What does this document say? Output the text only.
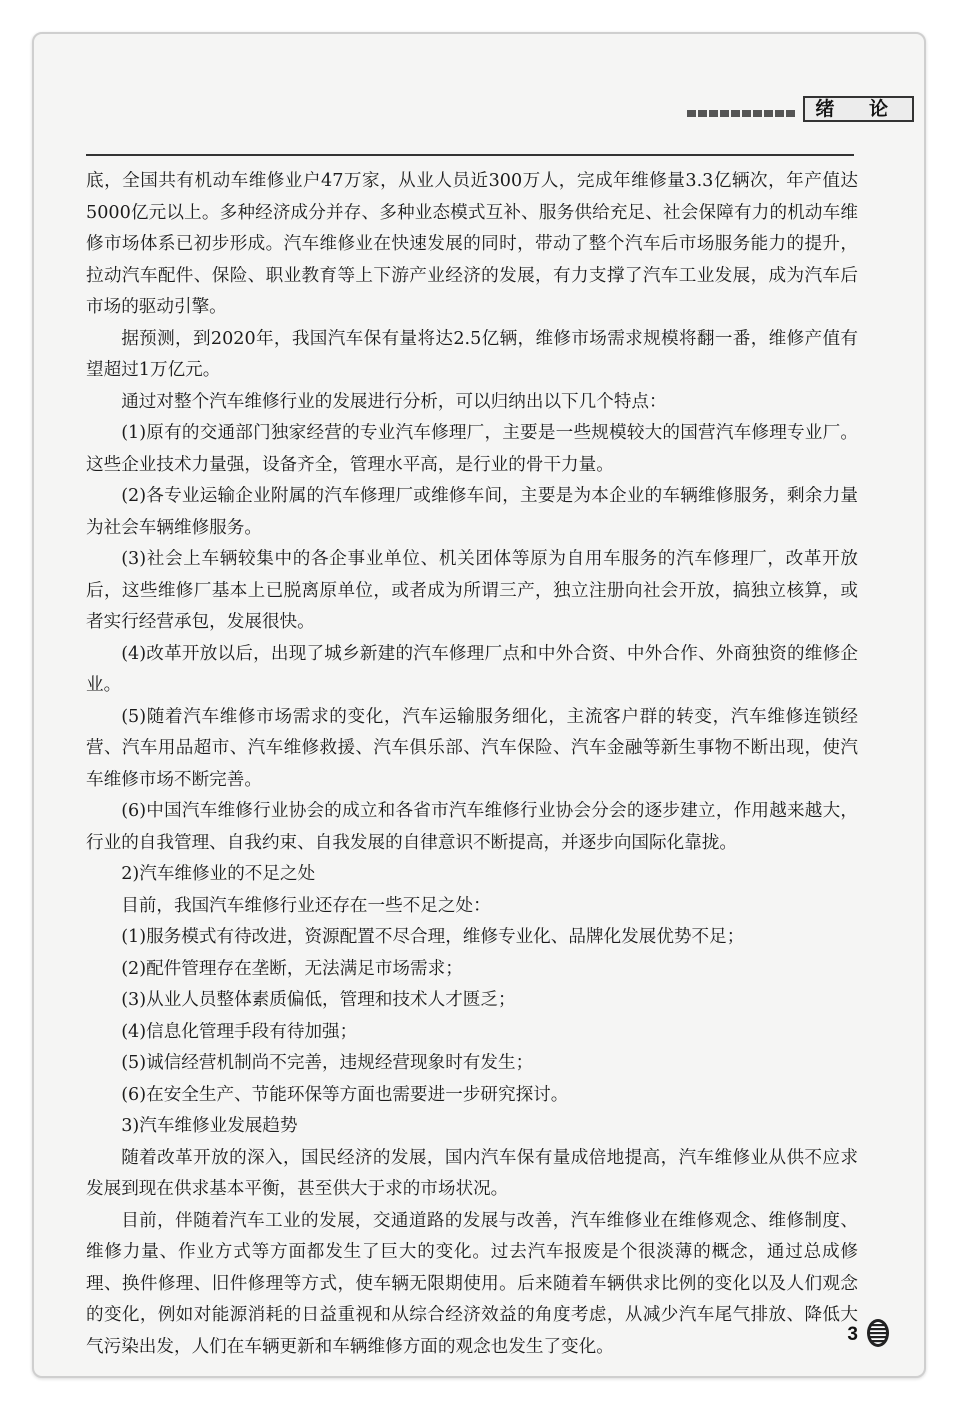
绪 论

底，全国共有机动车维修业户47万家，从业人员近300万人，完成年维修量3.3亿辆次，年产值达5000亿元以上。多种经济成分并存、多种业态模式互补、服务供给充足、社会保障有力的机动车维修市场体系已初步形成。汽车维修业在快速发展的同时，带动了整个汽车后市场服务能力的提升，拉动汽车配件、保险、职业教育等上下游产业经济的发展，有力支撑了汽车工业发展，成为汽车后市场的驱动引擎。

据预测，到2020年，我国汽车保有量将达2.5亿辆，维修市场需求规模将翻一番，维修产值有望超过1万亿元。

通过对整个汽车维修行业的发展进行分析，可以归纳出以下几个特点：

(1)原有的交通部门独家经营的专业汽车修理厂，主要是一些规模较大的国营汽车修理专业厂。这些企业技术力量强，设备齐全，管理水平高，是行业的骨干力量。

(2)各专业运输企业附属的汽车修理厂或维修车间，主要是为本企业的车辆维修服务，剩余力量为社会车辆维修服务。

(3)社会上车辆较集中的各企事业单位、机关团体等原为自用车服务的汽车修理厂，改革开放后，这些维修厂基本上已脱离原单位，或者成为所谓三产，独立注册向社会开放，搞独立核算，或者实行经营承包，发展很快。

(4)改革开放以后，出现了城乡新建的汽车修理厂点和中外合资、中外合作、外商独资的维修企业。

(5)随着汽车维修市场需求的变化，汽车运输服务细化，主流客户群的转变，汽车维修连锁经营、汽车用品超市、汽车维修救援、汽车俱乐部、汽车保险、汽车金融等新生事物不断出现，使汽车维修市场不断完善。

(6)中国汽车维修行业协会的成立和各省市汽车维修行业协会分会的逐步建立，作用越来越大，行业的自我管理、自我约束、自我发展的自律意识不断提高，并逐步向国际化靠拢。

2)汽车维修业的不足之处

目前，我国汽车维修行业还存在一些不足之处：

(1)服务模式有待改进，资源配置不尽合理，维修专业化、品牌化发展优势不足；

(2)配件管理存在垄断，无法满足市场需求；

(3)从业人员整体素质偏低，管理和技术人才匮乏；

(4)信息化管理手段有待加强；

(5)诚信经营机制尚不完善，违规经营现象时有发生；

(6)在安全生产、节能环保等方面也需要进一步研究探讨。

3)汽车维修业发展趋势

随着改革开放的深入，国民经济的发展，国内汽车保有量成倍地提高，汽车维修业从供不应求发展到现在供求基本平衡，甚至供大于求的市场状况。

目前，伴随着汽车工业的发展，交通道路的发展与改善，汽车维修业在维修观念、维修制度、维修力量、作业方式等方面都发生了巨大的变化。过去汽车报废是个很淡薄的概念，通过总成修理、换件修理、旧件修理等方式，使车辆无限期使用。后来随着车辆供求比例的变化以及人们观念的变化，例如对能源消耗的日益重视和从综合经济效益的角度考虑，从减少汽车尾气排放、降低大气污染出发，人们在车辆更新和车辆维修方面的观念也发生了变化。

3
